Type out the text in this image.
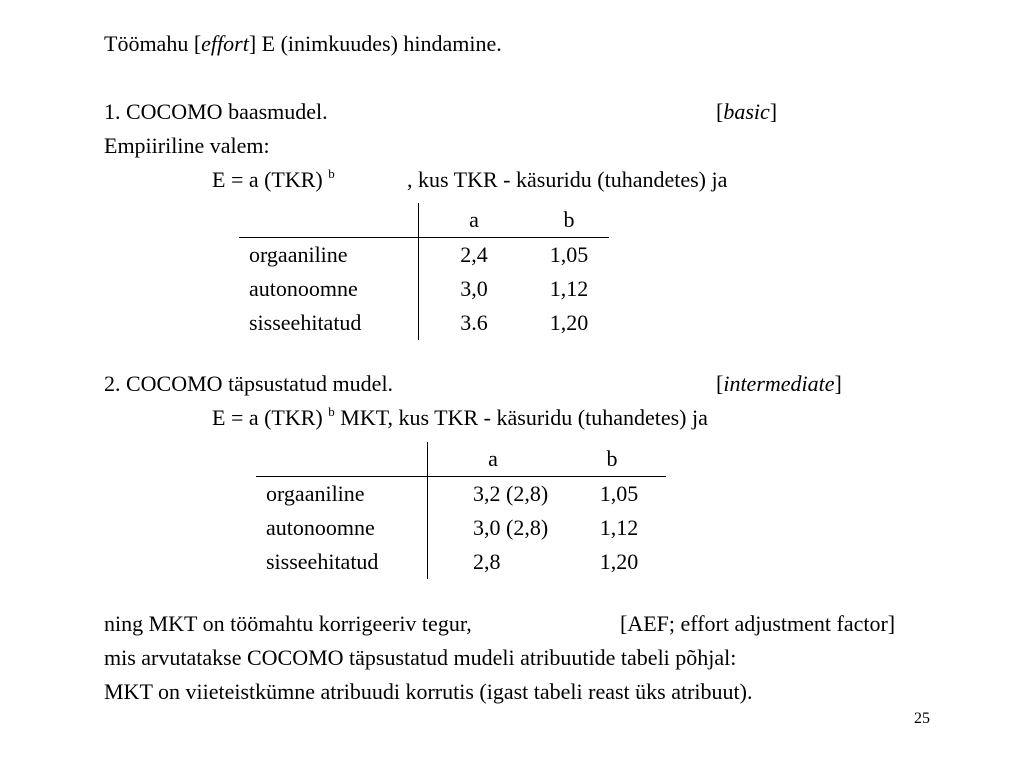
Töömahu [effort] E (inimkuudes) hindamine.
1. COCOMO baasmudel.	[basic]
Empiiriline valem:
E = a (TKR) $^b$	, kus TKR - käsuridu (tuhandetes) ja
	a	b
orgaaniline	2,4	1,05
autonoomne	3,0	1,12
sisseehitatud	3.6	1,20
2. COCOMO täpsustatud mudel.	[intermediate]
E = a (TKR) $^b$ MKT, kus TKR - käsuridu (tuhandetes) ja
	a	b
orgaaniline	3,2 (2,8)	1,05
autonoomne	3,0 (2,8)	1,12
sisseehitatud	2,8	1,20
ning MKT on töömahtu korrigeeriv tegur,	[AEF; effort adjustment factor]
mis arvutatakse COCOMO täpsustatud mudeli atribuutide tabeli põhjal:
MKT on viieteistkümne atribuudi korrutis (igast tabeli reast üks atribuut).
25
